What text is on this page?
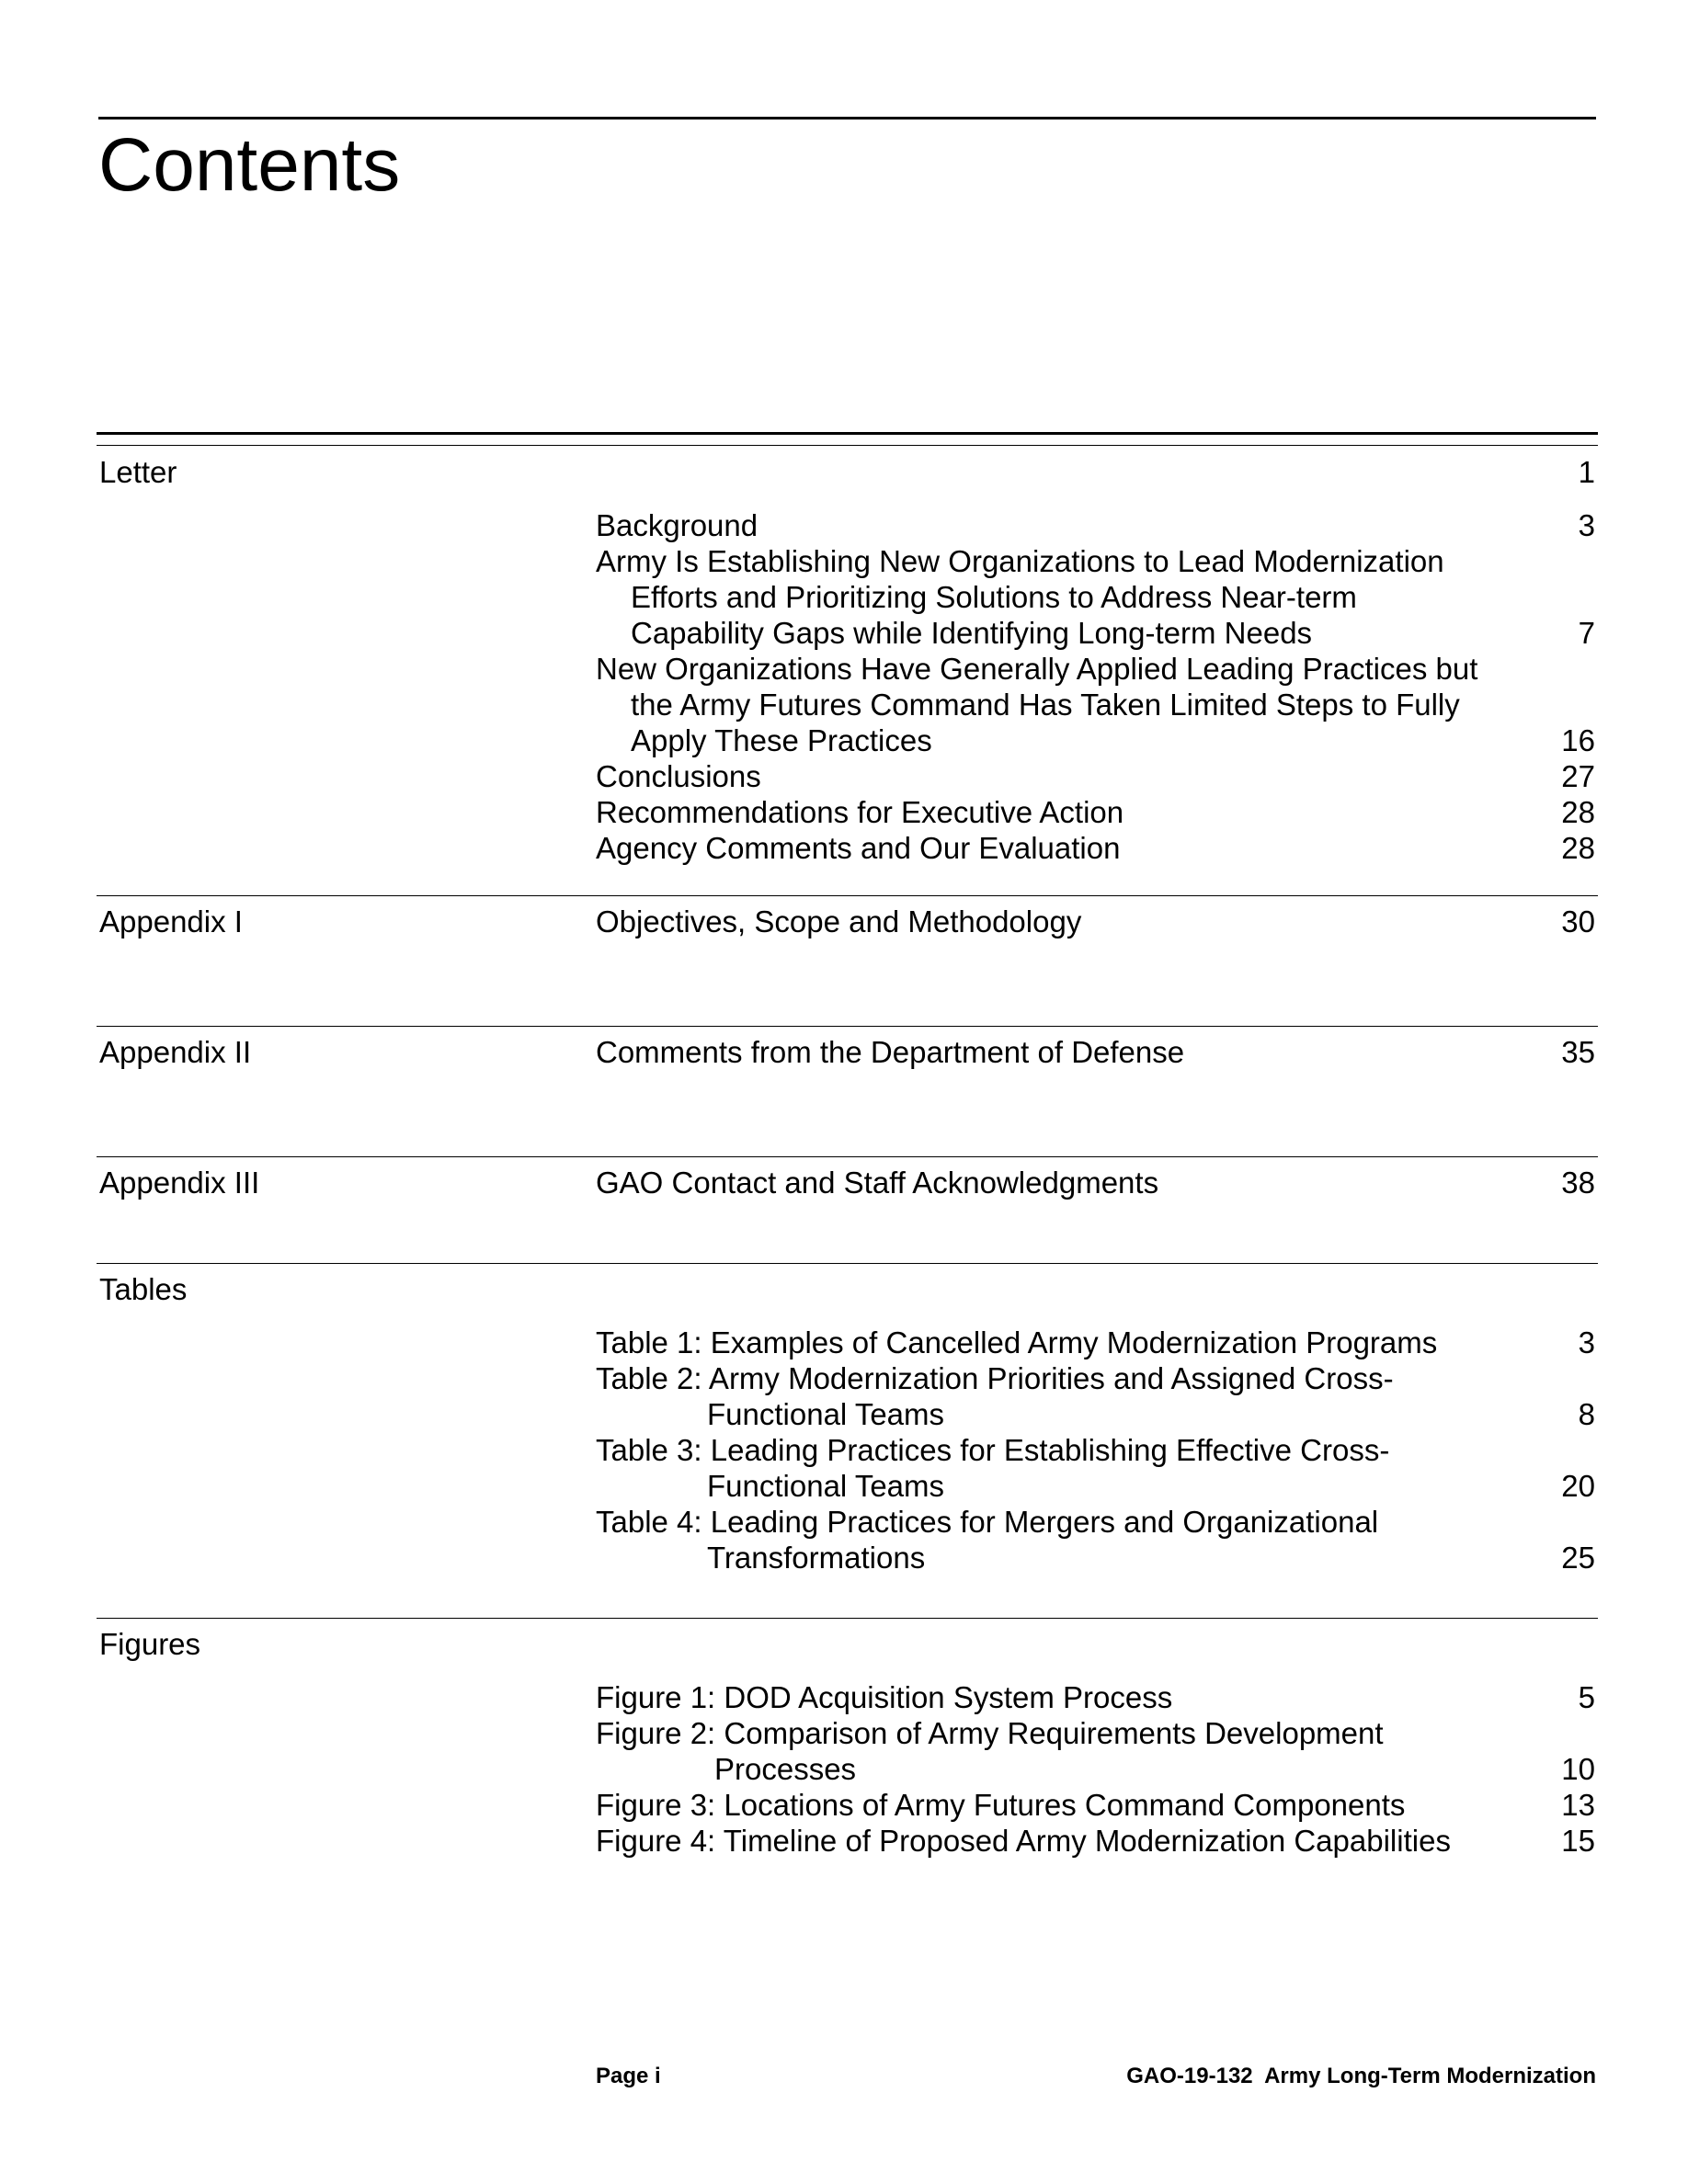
Contents
Letter	1
Background	3
Army Is Establishing New Organizations to Lead Modernization
Efforts and Prioritizing Solutions to Address Near-term
Capability Gaps while Identifying Long-term Needs	7
New Organizations Have Generally Applied Leading Practices but
the Army Futures Command Has Taken Limited Steps to Fully
Apply These Practices	16
Conclusions	27
Recommendations for Executive Action	28
Agency Comments and Our Evaluation	28
Appendix I	Objectives, Scope and Methodology	30
Appendix II	Comments from the Department of Defense	35
Appendix III	GAO Contact and Staff Acknowledgments	38
Tables
Table 1: Examples of Cancelled Army Modernization Programs	3
Table 2: Army Modernization Priorities and Assigned Cross-
Functional Teams	8
Table 3: Leading Practices for Establishing Effective Cross-
Functional Teams	20
Table 4: Leading Practices for Mergers and Organizational
Transformations	25
Figures
Figure 1: DOD Acquisition System Process	5
Figure 2: Comparison of Army Requirements Development
Processes	10
Figure 3: Locations of Army Futures Command Components	13
Figure 4: Timeline of Proposed Army Modernization Capabilities	15
Page i	GAO-19-132  Army Long-Term Modernization
